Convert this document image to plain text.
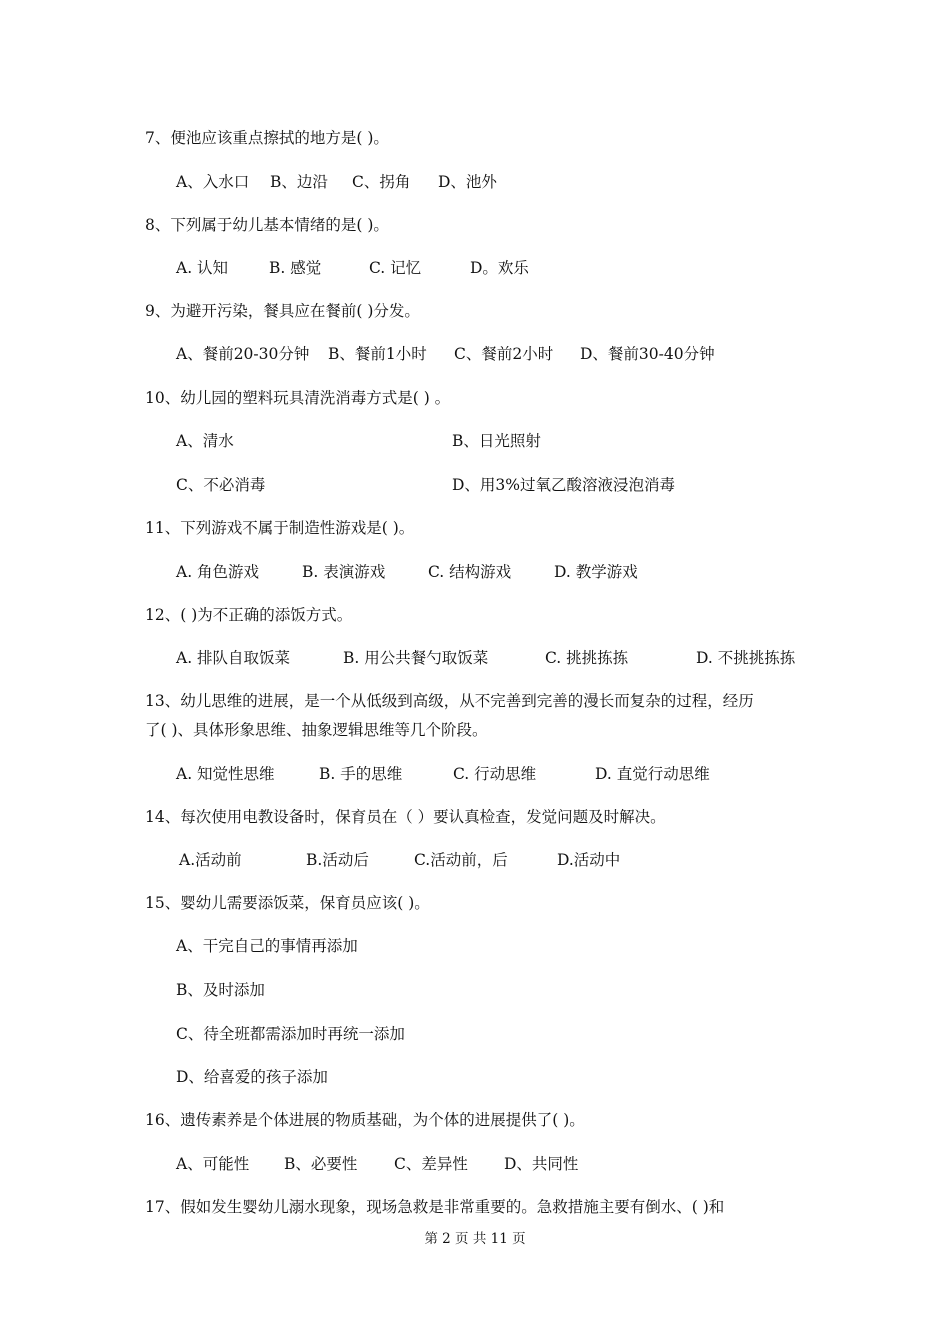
7、便池应该重点擦拭的地方是( )。
A、入水口 B、边沿 C、拐角 D、池外
8、下列属于幼儿基本情绪的是( )。
A. 认知	B. 感觉	C. 记忆	D。欢乐
9、为避开污染，餐具应在餐前( )分发。
A、餐前20-30分钟 B、餐前1小时 C、餐前2小时 D、餐前30-40分钟
10、幼儿园的塑料玩具清洗消毒方式是( ) 。
A、清水	B、日光照射
C、不必消毒	D、用3%过氧乙酸溶液浸泡消毒
11、下列游戏不属于制造性游戏是( )。
A. 角色游戏	B. 表演游戏	C. 结构游戏	D. 教学游戏
12、( )为不正确的添饭方式。
A. 排队自取饭菜	B. 用公共餐勺取饭菜	C. 挑挑拣拣	D. 不挑挑拣拣
13、幼儿思维的进展，是一个从低级到高级，从不完善到完善的漫长而复杂的过程，经历
了( )、具体形象思维、抽象逻辑思维等几个阶段。
A. 知觉性思维	B. 手的思维	C. 行动思维	D. 直觉行动思维
14、每次使用电教设备时，保育员在（ ）要认真检查，发觉问题及时解决。
A.活动前	B.活动后	C.活动前，后	D.活动中
15、婴幼儿需要添饭菜，保育员应该( )。
A、干完自己的事情再添加
B、及时添加
C、待全班都需添加时再统一添加
D、给喜爱的孩子添加
16、遗传素养是个体进展的物质基础，为个体的进展提供了( )。
A、可能性 B、必要性 C、差异性 D、共同性
17、假如发生婴幼儿溺水现象，现场急救是非常重要的。急救措施主要有倒水、( )和
第 2 页 共 11 页
